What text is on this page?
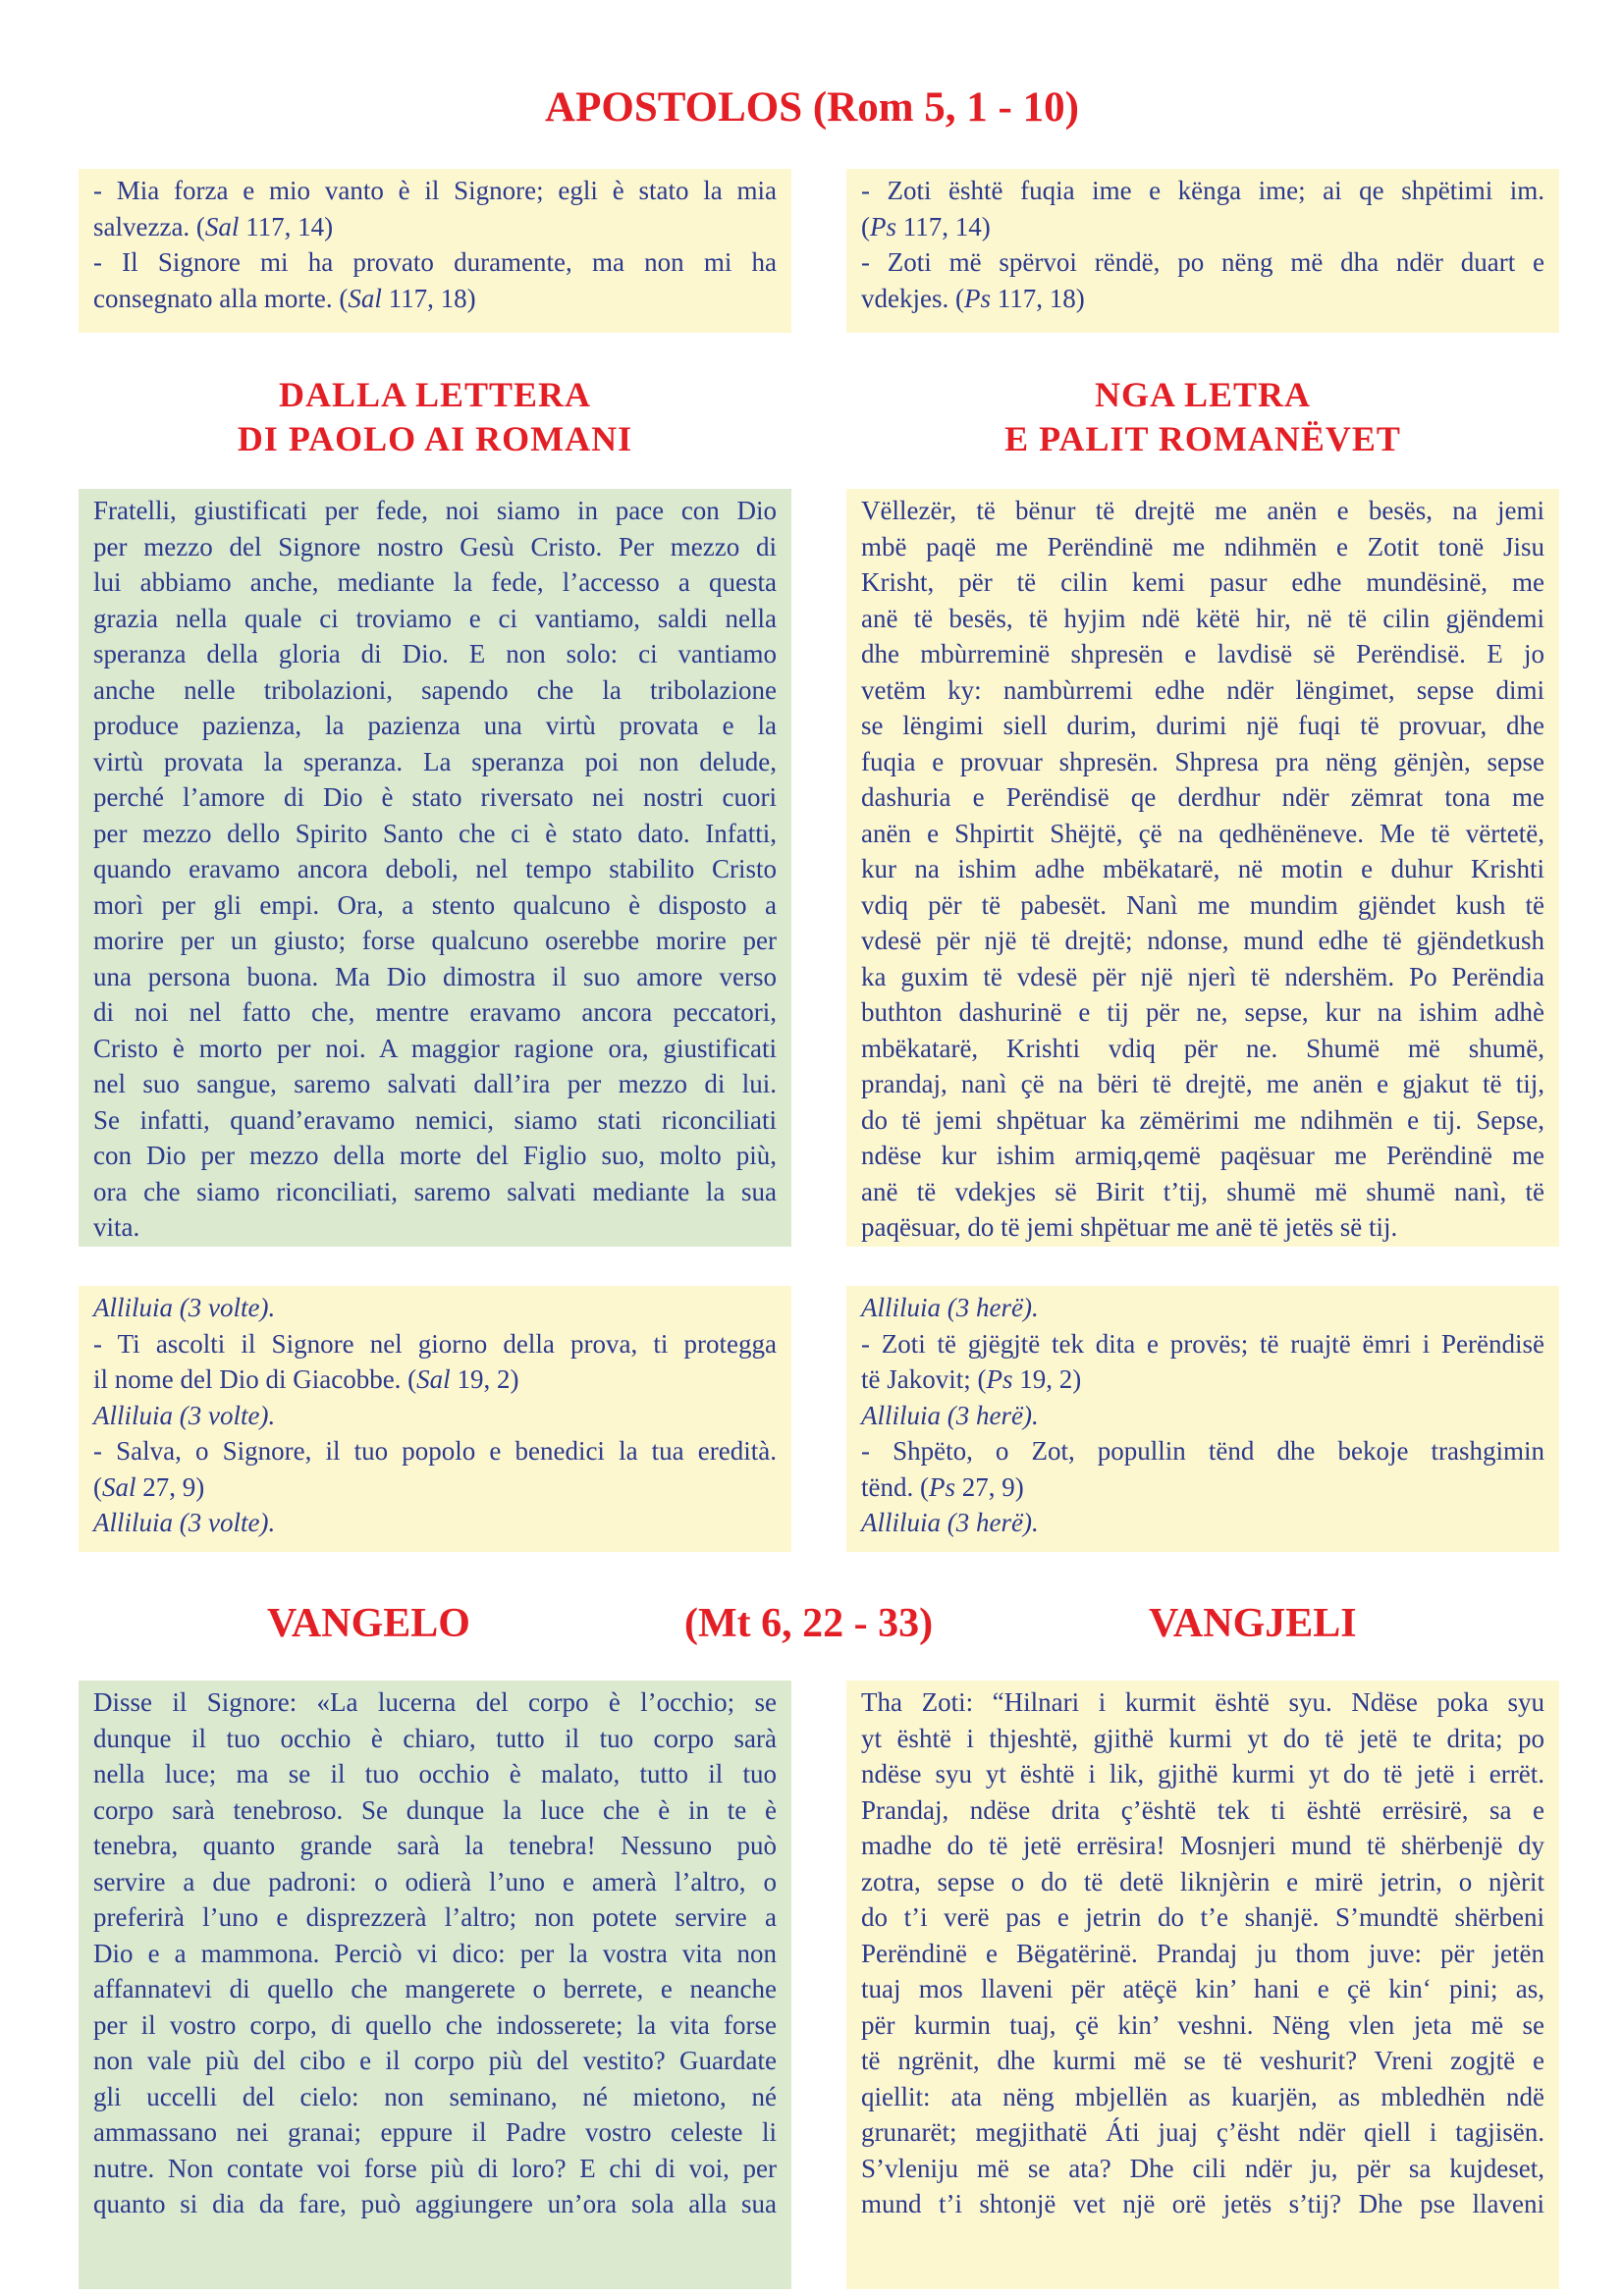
APOSTOLOS (Rom 5, 1 - 10)
- Mia forza e mio vanto è il Signore; egli è stato la mia
salvezza. (Sal 117, 14)
- Il Signore mi ha provato duramente, ma non mi ha
consegnato alla morte. (Sal 117, 18)
- Zoti është fuqia ime e kënga ime; ai qe shpëtimi im.
(Ps 117, 14)
- Zoti më spërvoi rëndë, po nëng më dha ndër duart e
vdekjes. (Ps 117, 18)
DALLA LETTERA
DI PAOLO AI ROMANI
NGA LETRA
E PALIT ROMANËVET
Fratelli, giustificati per fede, noi siamo in pace con Dio
per mezzo del Signore nostro Gesù Cristo. Per mezzo di
lui abbiamo anche, mediante la fede, l’accesso a questa
grazia nella quale ci troviamo e ci vantiamo, saldi nella
speranza della gloria di Dio. E non solo: ci vantiamo
anche nelle tribolazioni, sapendo che la tribolazione
produce pazienza, la pazienza una virtù provata e la
virtù provata la speranza. La speranza poi non delude,
perché l’amore di Dio è stato riversato nei nostri cuori
per mezzo dello Spirito Santo che ci è stato dato. Infatti,
quando eravamo ancora deboli, nel tempo stabilito Cristo
morì per gli empi. Ora, a stento qualcuno è disposto a
morire per un giusto; forse qualcuno oserebbe morire per
una persona buona. Ma Dio dimostra il suo amore verso
di noi nel fatto che, mentre eravamo ancora peccatori,
Cristo è morto per noi. A maggior ragione ora, giustificati
nel suo sangue, saremo salvati dall’ira per mezzo di lui.
Se infatti, quand’eravamo nemici, siamo stati riconciliati
con Dio per mezzo della morte del Figlio suo, molto più,
ora che siamo riconciliati, saremo salvati mediante la sua
vita.
Vëllezër, të bënur të drejtë me anën e besës, na jemi
mbë paqë me Perëndinë me ndihmën e Zotit tonë Jisu
Krisht, për të cilin kemi pasur edhe mundësinë, me
anë të besës, të hyjim ndë këtë hir, në të cilin gjëndemi
dhe mbùrreminë shpresën e lavdisë së Perëndisë. E jo
vetëm ky: nambùrremi edhe ndër lëngimet, sepse dimi
se lëngimi siell durim, durimi një fuqi të provuar, dhe
fuqia e provuar shpresën. Shpresa pra nëng gënjèn, sepse
dashuria e Perëndisë qe derdhur ndër zëmrat tona me
anën e Shpirtit Shëjtë, çë na qedhënëneve. Me të vërtetë,
kur na ishim adhe mbëkatarë, në motin e duhur Krishti
vdiq për të pabesët. Nanì me mundim gjëndet kush të
vdesë për një të drejtë; ndonse, mund edhe të gjëndetkush
ka guxim të vdesë për një njerì të ndershëm. Po Perëndia
buthton dashurinë e tij për ne, sepse, kur na ishim adhè
mbëkatarë, Krishti vdiq për ne. Shumë më shumë,
prandaj, nanì çë na bëri të drejtë, me anën e gjakut të tij,
do të jemi shpëtuar ka zëmërimi me ndihmën e tij. Sepse,
ndëse kur ishim armiq,qemë paqësuar me Perëndinë me
anë të vdekjes së Birit t’tij, shumë më shumë nanì, të
paqësuar, do të jemi shpëtuar me anë të jetës së tij.
Alliluia (3 volte).
- Ti ascolti il Signore nel giorno della prova, ti protegga
il nome del Dio di Giacobbe. (Sal 19, 2)
Alliluia (3 volte).
- Salva, o Signore, il tuo popolo e benedici la tua eredità.
(Sal 27, 9)
Alliluia (3 volte).
Alliluia (3 herë).
- Zoti të gjëgjtë tek dita e provës; të ruajtë ëmri i Perëndisë
të Jakovit; (Ps 19, 2)
Alliluia (3 herë).
- Shpëto, o Zot, popullin tënd dhe bekoje trashgimin
tënd. (Ps 27, 9)
Alliluia (3 herë).
VANGELO	(Mt 6, 22 - 33)	VANGJELI
Disse il Signore: «La lucerna del corpo è l’occhio; se
dunque il tuo occhio è chiaro, tutto il tuo corpo sarà
nella luce; ma se il tuo occhio è malato, tutto il tuo
corpo sarà tenebroso. Se dunque la luce che è in te è
tenebra, quanto grande sarà la tenebra! Nessuno può
servire a due padroni: o odierà l’uno e amerà l’altro, o
preferirà l’uno e disprezzerà l’altro; non potete servire a
Dio e a mammona. Perciò vi dico: per la vostra vita non
affannatevi di quello che mangerete o berrete, e neanche
per il vostro corpo, di quello che indosserete; la vita forse
non vale più del cibo e il corpo più del vestito? Guardate
gli uccelli del cielo: non seminano, né mietono, né
ammassano nei granai; eppure il Padre vostro celeste li
nutre. Non contate voi forse più di loro? E chi di voi, per
quanto si dia da fare, può aggiungere un’ora sola alla sua
Tha Zoti: “Hilnari i kurmit është syu. Ndëse poka syu
yt është i thjeshtë, gjithë kurmi yt do të jetë te drita; po
ndëse syu yt është i lik, gjithë kurmi yt do të jetë i errët.
Prandaj, ndëse drita ç’është tek ti është errësirë, sa e
madhe do të jetë errësira! Mosnjeri mund të shërbenjë dy
zotra, sepse o do të detë liknjèrin e mirë jetrin, o njèrit
do t’i verë pas e jetrin do t’e shanjë. S’mundtë shërbeni
Perëndinë e Bëgatërinë. Prandaj ju thom juve: për jetën
tuaj mos llaveni për atëçë kin’ hani e çë kin‘ pini; as,
për kurmin tuaj, çë kin’ veshni. Nëng vlen jeta më se
të ngrënit, dhe kurmi më se të veshurit? Vreni zogjtë e
qiellit: ata nëng mbjellën as kuarjën, as mbledhën ndë
grunarët; megjithatë Áti juaj ç’ësht ndër qiell i tagjisën.
S’vleniju më se ata? Dhe cili ndër ju, për sa kujdeset,
mund t’i shtonjë vet një orë jetës s’tij? Dhe pse llaveni
